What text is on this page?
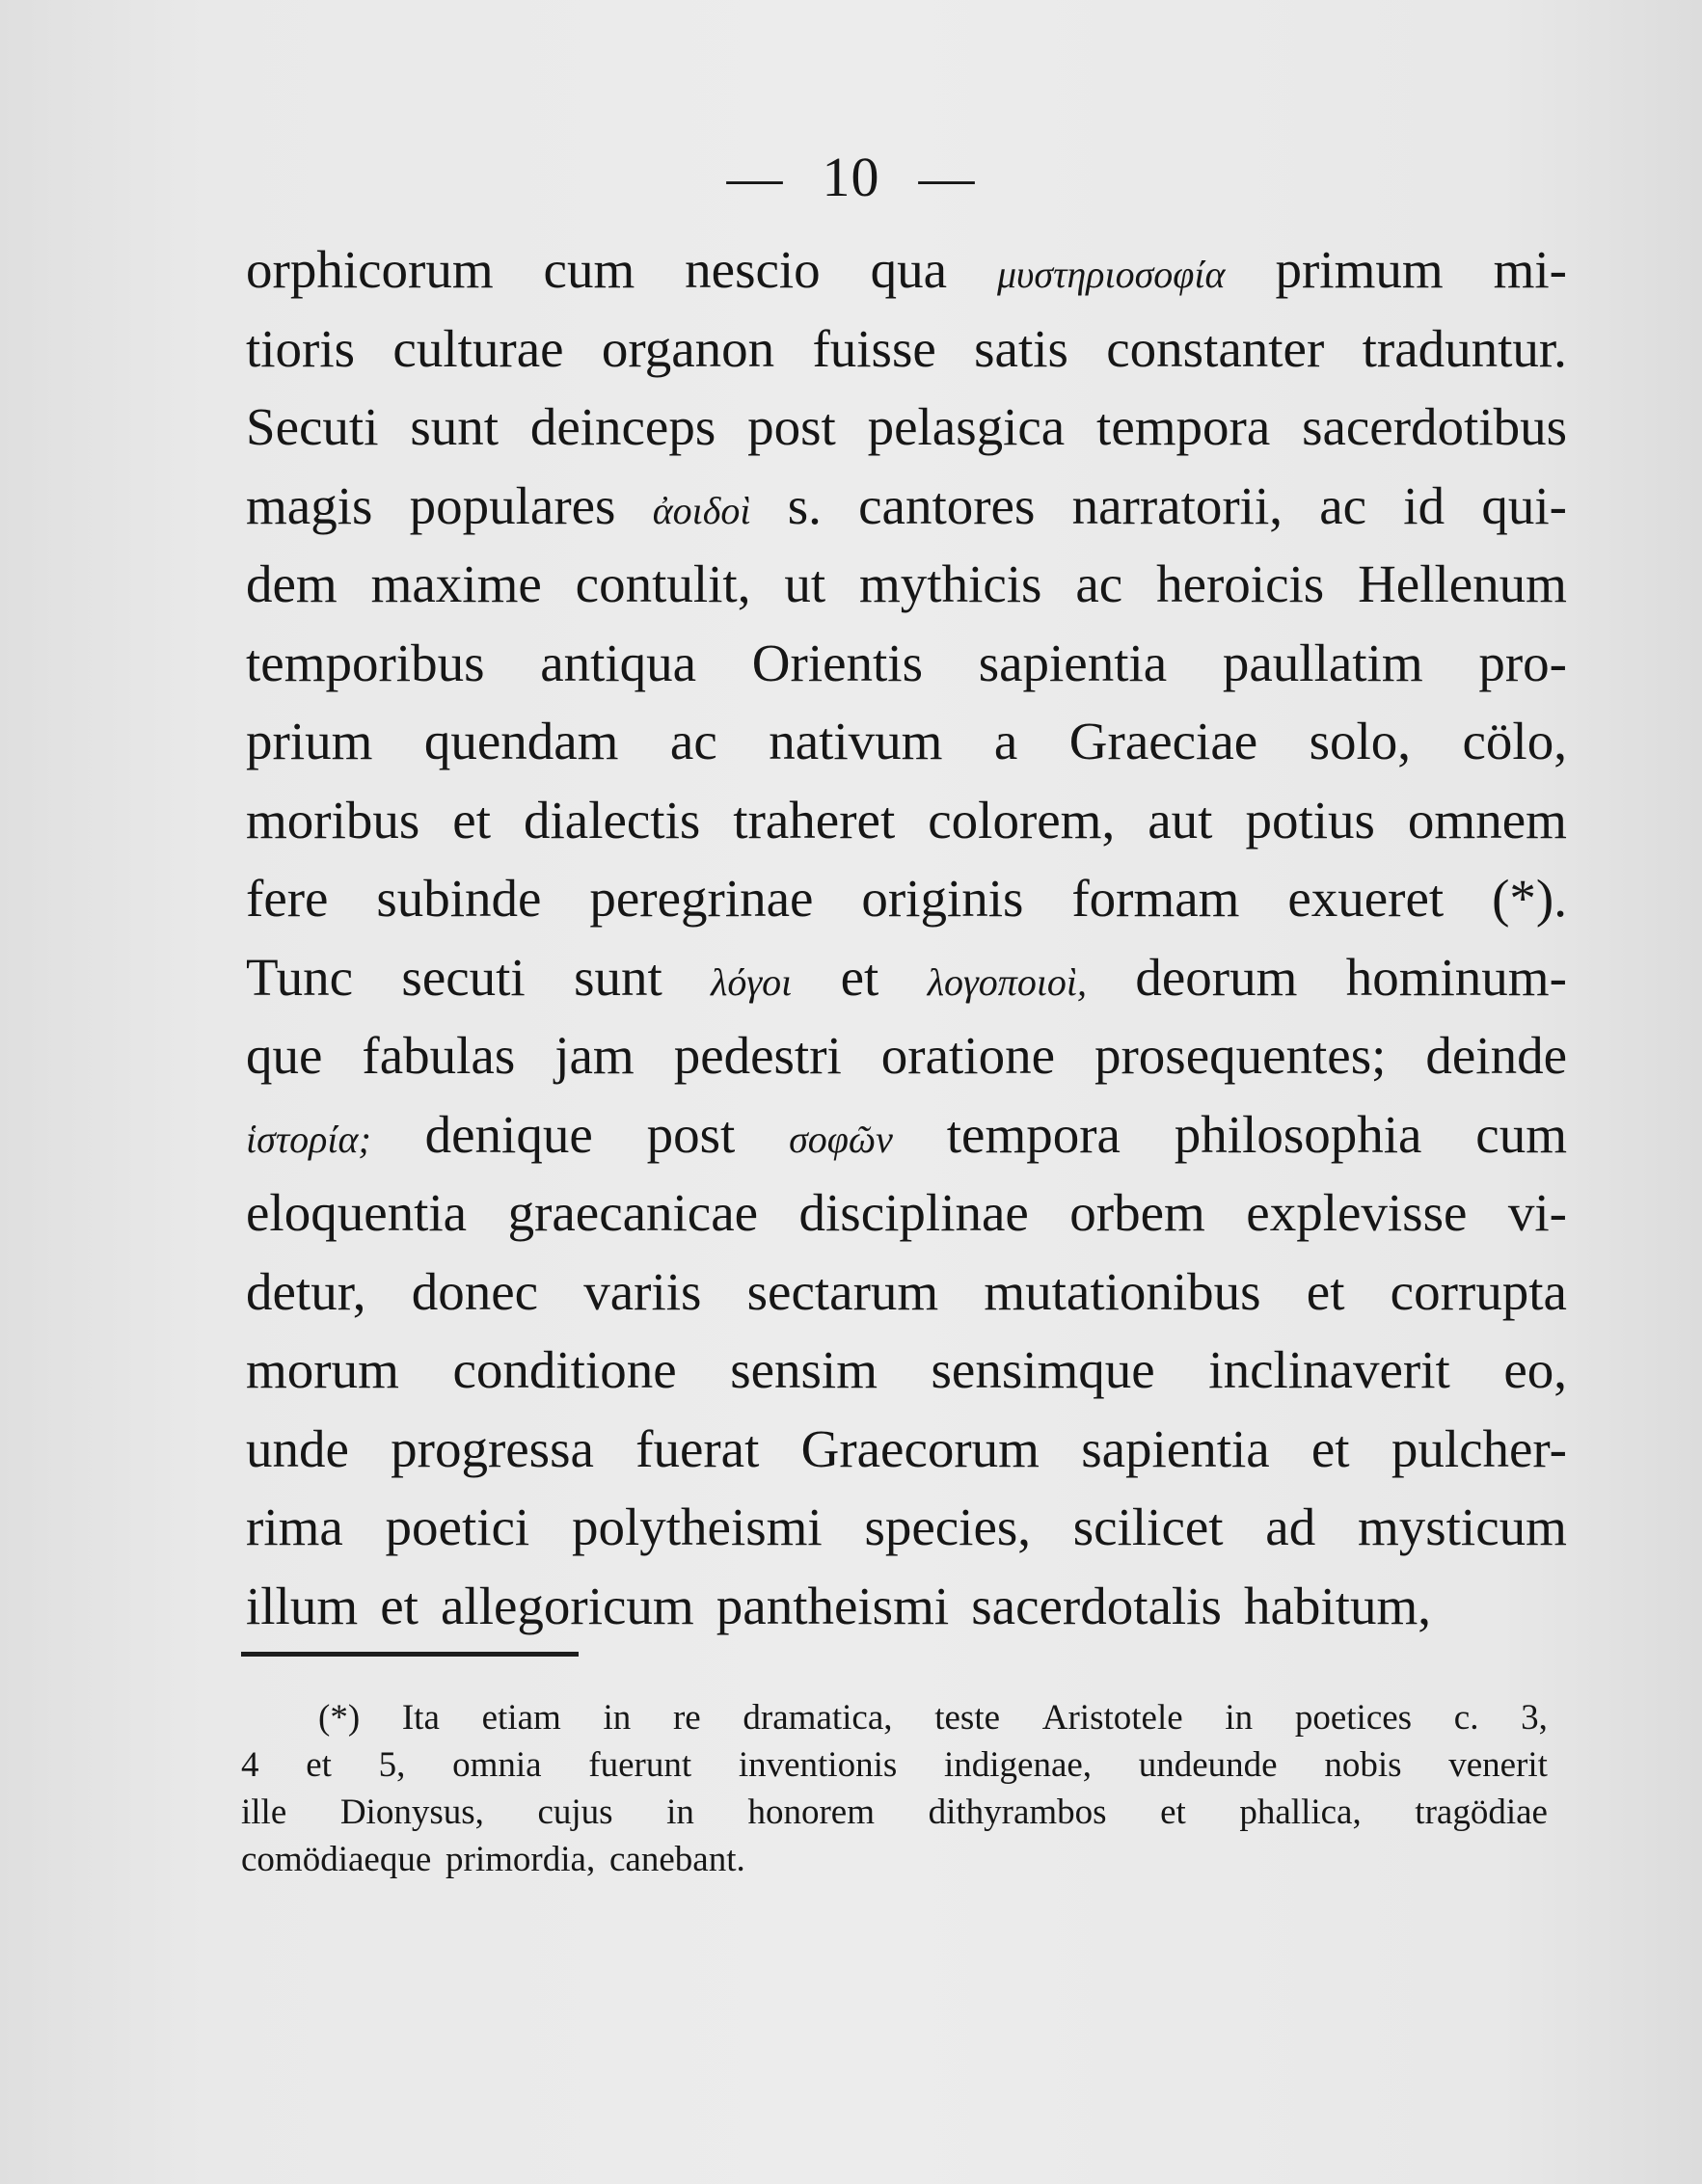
— 10 —
orphicorum cum nescio qua μυστηριοσοφία primum mi-
tioris culturae organon fuisse satis constanter traduntur.
Secuti sunt deinceps post pelasgica tempora sacerdotibus
magis populares ἀοιδοὶ s. cantores narratorii, ac id qui-
dem maxime contulit, ut mythicis ac heroicis Hellenum
temporibus antiqua Orientis sapientia paullatim pro-
prium quendam ac nativum a Graeciae solo, cölo,
moribus et dialectis traheret colorem, aut potius omnem
fere subinde peregrinae originis formam exueret (*).
Tunc secuti sunt λόγοι et λογοποιοὶ, deorum hominum-
que fabulas jam pedestri oratione prosequentes; deinde
ἱστορία; denique post σοφῶν tempora philosophia cum
eloquentia graecanicae disciplinae orbem explevisse vi-
detur, donec variis sectarum mutationibus et corrupta
morum conditione sensim sensimque inclinaverit eo,
unde progressa fuerat Graecorum sapientia et pulcher-
rima poetici polytheismi species, scilicet ad mysticum
illum et allegoricum pantheismi sacerdotalis habitum,
(*) Ita etiam in re dramatica, teste Aristotele in poetices c. 3,
4 et 5, omnia fuerunt inventionis indigenae, undeunde nobis venerit
ille Dionysus, cujus in honorem dithyrambos et phallica, tragödiae
comödiaeque primordia, canebant.
